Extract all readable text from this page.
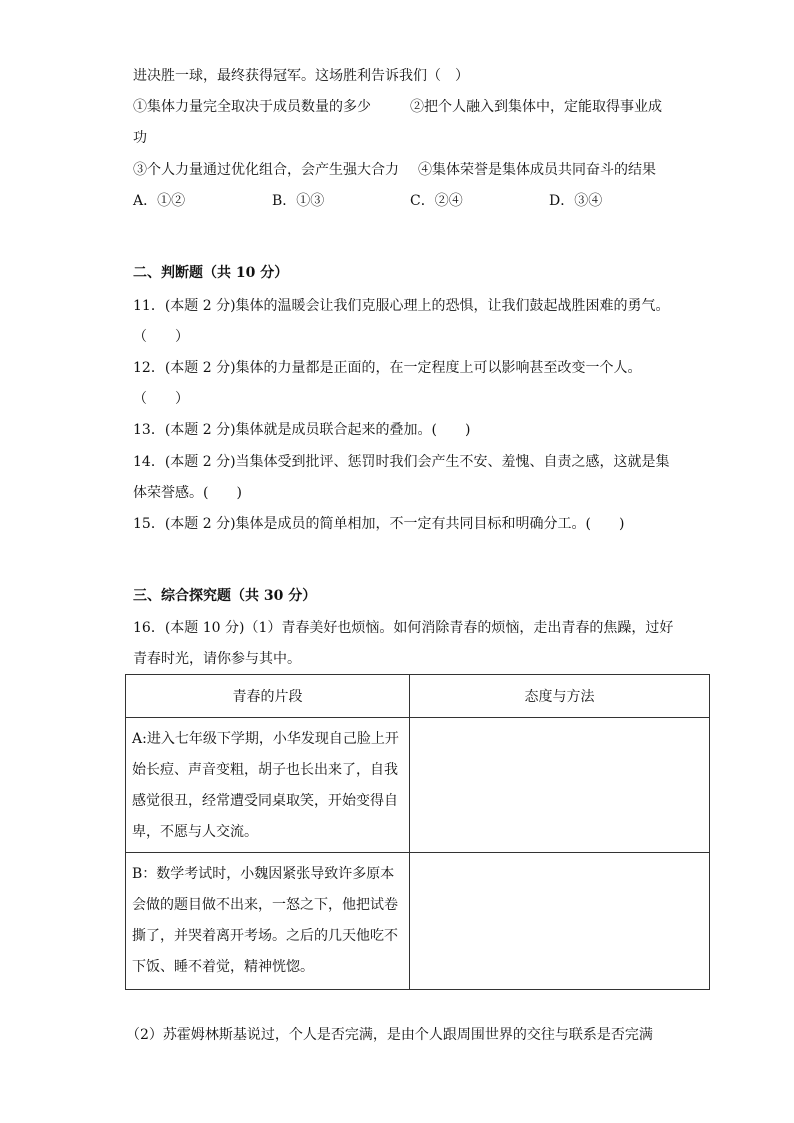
进决胜一球，最终获得冠军。这场胜利告诉我们（　）
①集体力量完全取决于成员数量的多少	②把个人融入到集体中，定能取得事业成
功
③个人力量通过优化组合，会产生强大合力 ④集体荣誉是集体成员共同奋斗的结果
A．①②	B．①③	C．②④	D．③④
二、判断题（共 10 分）
11．(本题 2 分)集体的温暖会让我们克服心理上的恐惧，让我们鼓起战胜困难的勇气。
（　　）
12．(本题 2 分)集体的力量都是正面的，在一定程度上可以影响甚至改变一个人。
（　　）
13．(本题 2 分)集体就是成员联合起来的叠加。(　　)
14．(本题 2 分)当集体受到批评、惩罚时我们会产生不安、羞愧、自责之感，这就是集
体荣誉感。(　　)
15．(本题 2 分)集体是成员的简单相加，不一定有共同目标和明确分工。(　　)
三、综合探究题（共 30 分）
16．(本题 10 分)（1）青春美好也烦恼。如何消除青春的烦恼，走出青春的焦躁，过好
青春时光，请你参与其中。
青春的片段	态度与方法
A:进入七年级下学期，小华发现自己脸上开始长痘、声音变粗，胡子也长出来了，自我感觉很丑，经常遭受同桌取笑，开始变得自卑，不愿与人交流。	
B：数学考试时，小魏因紧张导致许多原本会做的题目做不出来，一怒之下，他把试卷撕了，并哭着离开考场。之后的几天他吃不下饭、睡不着觉，精神恍惚。	
（2）苏霍姆林斯基说过，个人是否完满，是由个人跟周围世界的交往与联系是否完满
